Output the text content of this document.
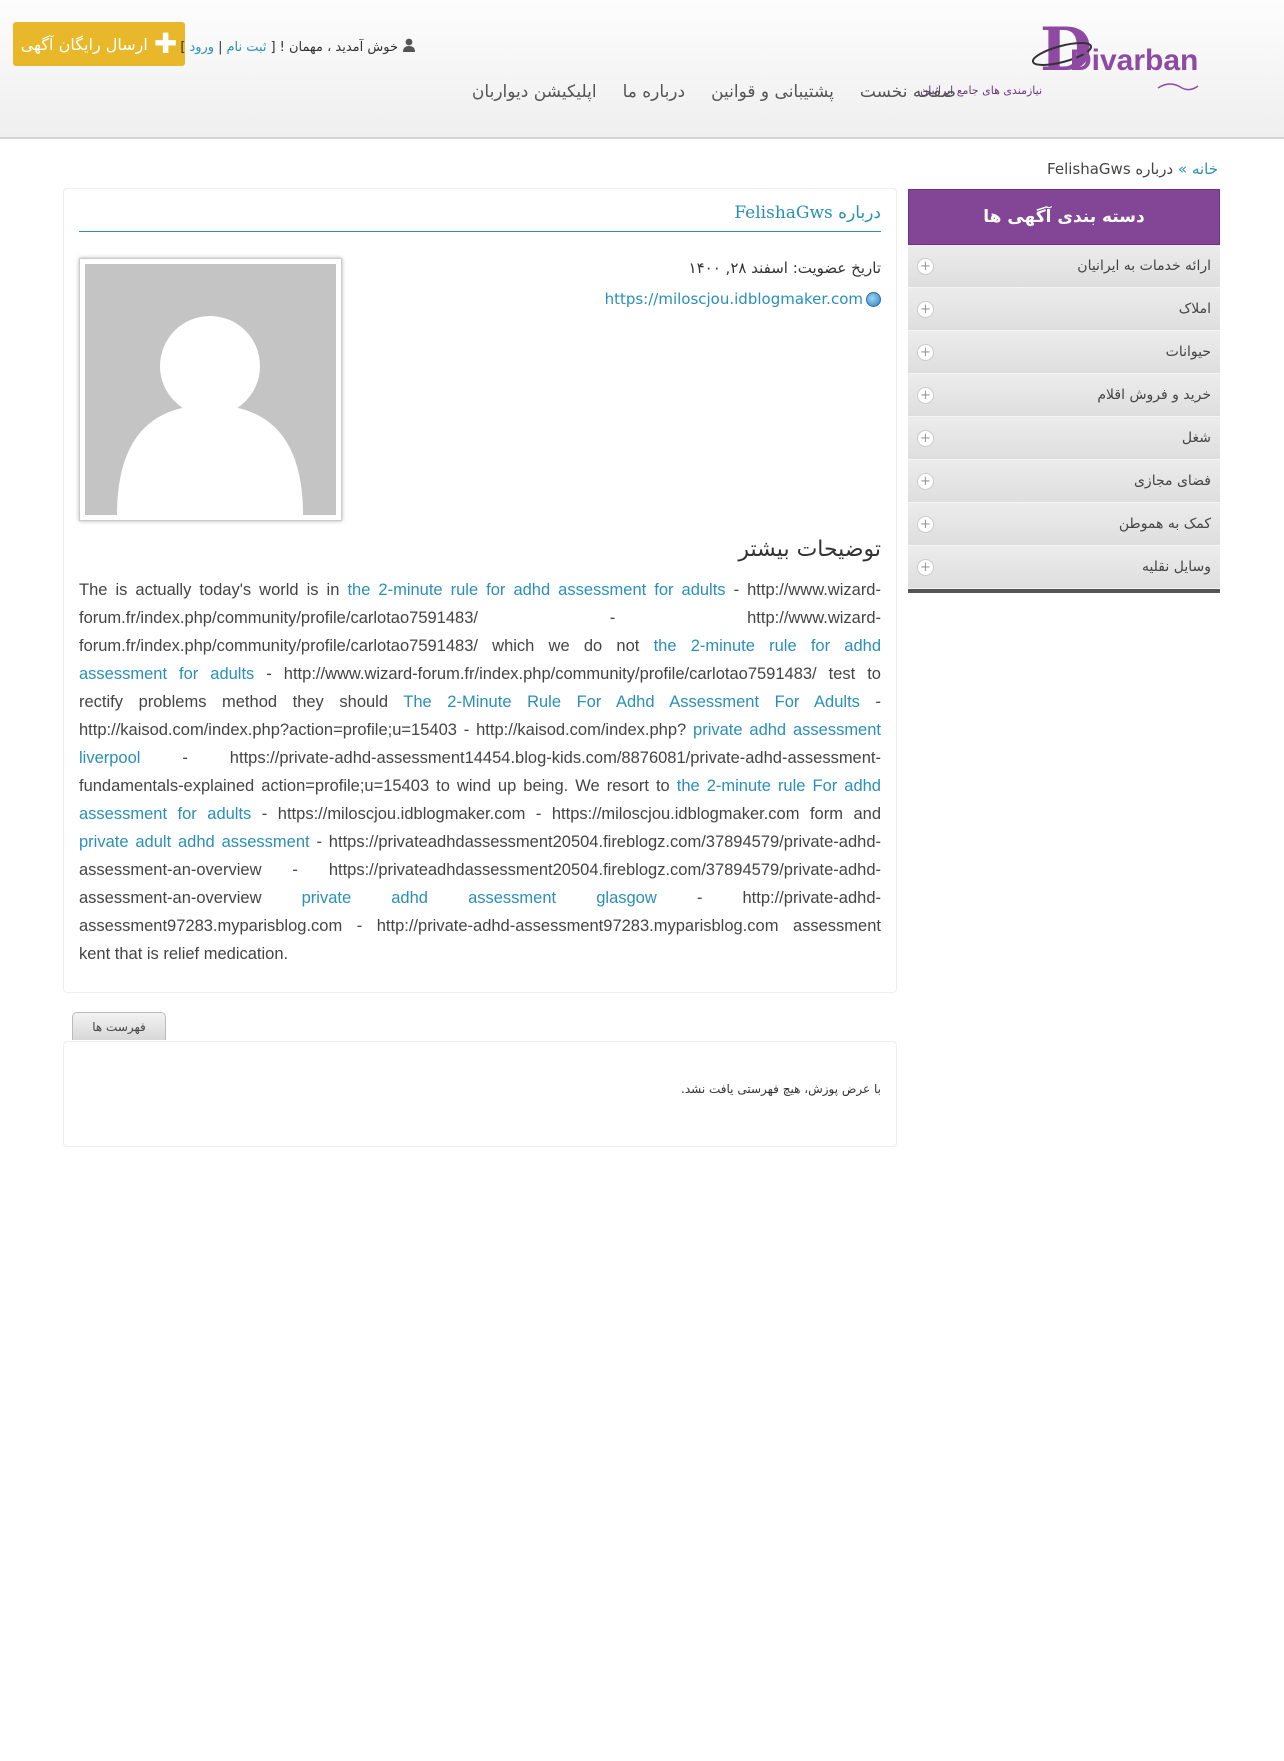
D
Divarban
نیازمندی های جامع ایرانیان
✚
ارسال رایگان آگهی	خوش آمدید ، مهمان !
[
ثبت نام
|
ورود
]
صفحه نخست
پشتیبانی و قوانین
درباره ما
اپلیکیشن دیواربان
خانه » درباره FelishaGws
دسته بندی آگهی ها
ارائه خدمات به ایرانیان
+
املاک
+
حیوانات
+
خرید و فروش اقلام
+
شغل
+
فضای مجازی
+
کمک به هموطن
+
وسایل نقلیه
+
درباره FelishaGws
تاریخ عضویت: اسفند ۲۸, ۱۴۰۰
https://miloscjou.idblogmaker.com
توضیحات بیشتر
The is actually today's world is in the 2-minute rule for adhd assessment for adults - http://www.wizard-forum.fr/index.php/community/profile/carlotao7591483/ - http://www.wizard-forum.fr/index.php/community/profile/carlotao7591483/ which we do not the 2-minute rule for adhd assessment for adults - http://www.wizard-forum.fr/index.php/community/profile/carlotao7591483/ test to rectify problems method they should The 2-Minute Rule For Adhd Assessment For Adults - http://kaisod.com/index.php?action=profile;u=15403 - http://kaisod.com/index.php? private adhd assessment liverpool - https://private-adhd-assessment14454.blog-kids.com/8876081/private-adhd-assessment-fundamentals-explained action=profile;u=15403 to wind up being. We resort to the 2-minute rule For adhd assessment for adults - https://miloscjou.idblogmaker.com - https://miloscjou.idblogmaker.com form and private adult adhd assessment - https://privateadhdassessment20504.fireblogz.com/37894579/private-adhd-assessment-an-overview - https://privateadhdassessment20504.fireblogz.com/37894579/private-adhd-assessment-an-overview private adhd assessment glasgow - http://private-adhd-assessment97283.myparisblog.com - http://private-adhd-assessment97283.myparisblog.com assessment kent that is relief medication.
فهرست ها
با عرض پوزش، هیچ فهرستی یافت نشد.
